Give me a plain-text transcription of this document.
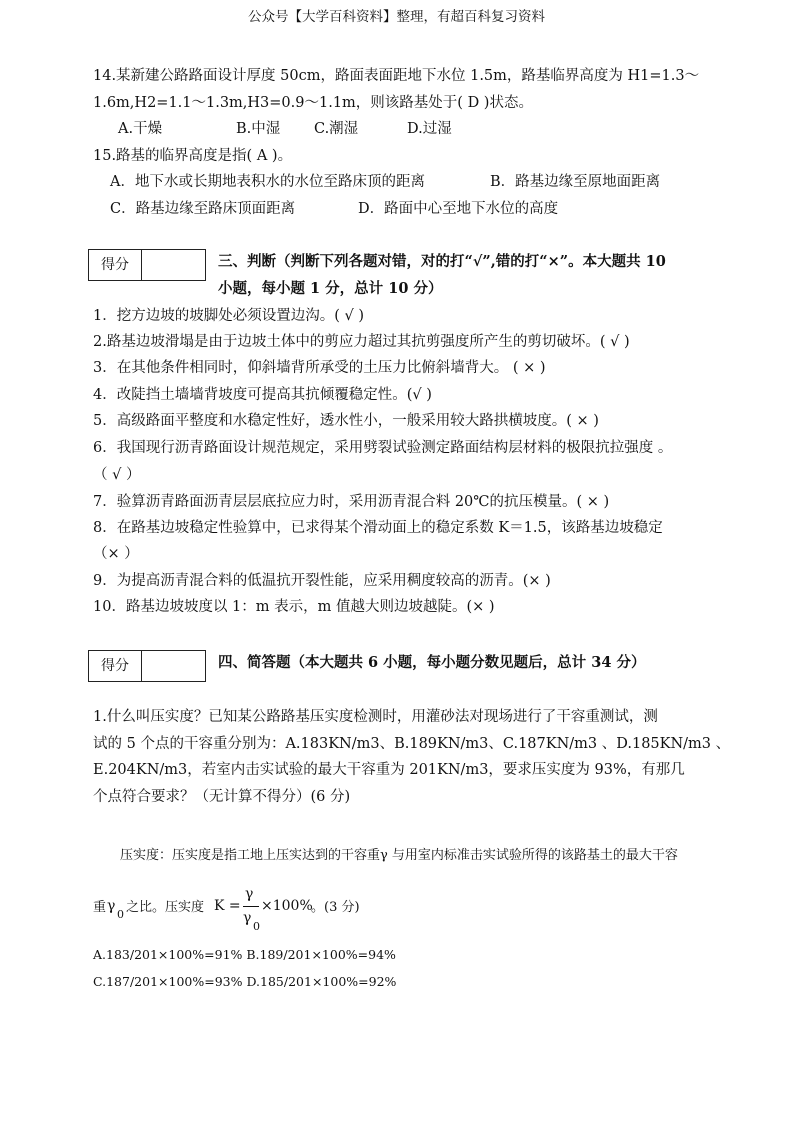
公众号【大学百科资料】整理，有超百科复习资料
14.某新建公路路面设计厚度 50cm，路面表面距地下水位 1.5m，路基临界高度为 H1=1.3～
1.6m,H2=1.1～1.3m,H3=0.9～1.1m，则该路基处于( D )状态。
A.干燥	B.中湿 C.潮湿	D.过湿
15.路基的临界高度是指( A )。
A．地下水或长期地表积水的水位至路床顶的距离	B．路基边缘至原地面距离
C．路基边缘至路床顶面距离	D．路面中心至地下水位的高度
得分	三、判断（判断下列各题对错，对的打“√”,错的打“×”。本大题共 10
小题，每小题 1 分，总计 10 分）
1．挖方边坡的坡脚处必须设置边沟。( √ )
2.路基边坡滑塌是由于边坡土体中的剪应力超过其抗剪强度所产生的剪切破坏。( √ )
3．在其他条件相同时，仰斜墙背所承受的土压力比俯斜墙背大。 ( × )
4．改陡挡土墙墙背坡度可提高其抗倾覆稳定性。(√ )
5．高级路面平整度和水稳定性好，透水性小，一般采用较大路拱横坡度。( × )
6．我国现行沥青路面设计规范规定，采用劈裂试验测定路面结构层材料的极限抗拉强度 。
（ √ ）
7．验算沥青路面沥青层层底拉应力时，采用沥青混合料 20℃的抗压模量。( × )
8．在路基边坡稳定性验算中，已求得某个滑动面上的稳定系数 K＝1.5，该路基边坡稳定
（× ）
9．为提高沥青混合料的低温抗开裂性能，应采用稠度较高的沥青。(× )
10．路基边坡坡度以 1：m 表示，m 值越大则边坡越陡。(× )
得分	四、简答题（本大题共 6 小题，每小题分数见题后，总计 34 分）
1.什么叫压实度？已知某公路路基压实度检测时，用灌砂法对现场进行了干容重测试，测
试的 5 个点的干容重分别为：A.183KN/m3、B.189KN/m3、C.187KN/m3 、D.185KN/m3 、
E.204KN/m3，若室内击实试验的最大干容重为 201KN/m3，要求压实度为 93%，有那几
个点符合要求？（无计算不得分）(6 分)
压实度：压实度是指工地上压实达到的干容重γ 与用室内标准击实试验所得的该路基土的最大干容
重 γ
0 之比。压实度 K =
γ
γ
0
×100%
。(3 分)
A.183/201×100%=91% B.189/201×100%=94%
C.187/201×100%=93% D.185/201×100%=92%
